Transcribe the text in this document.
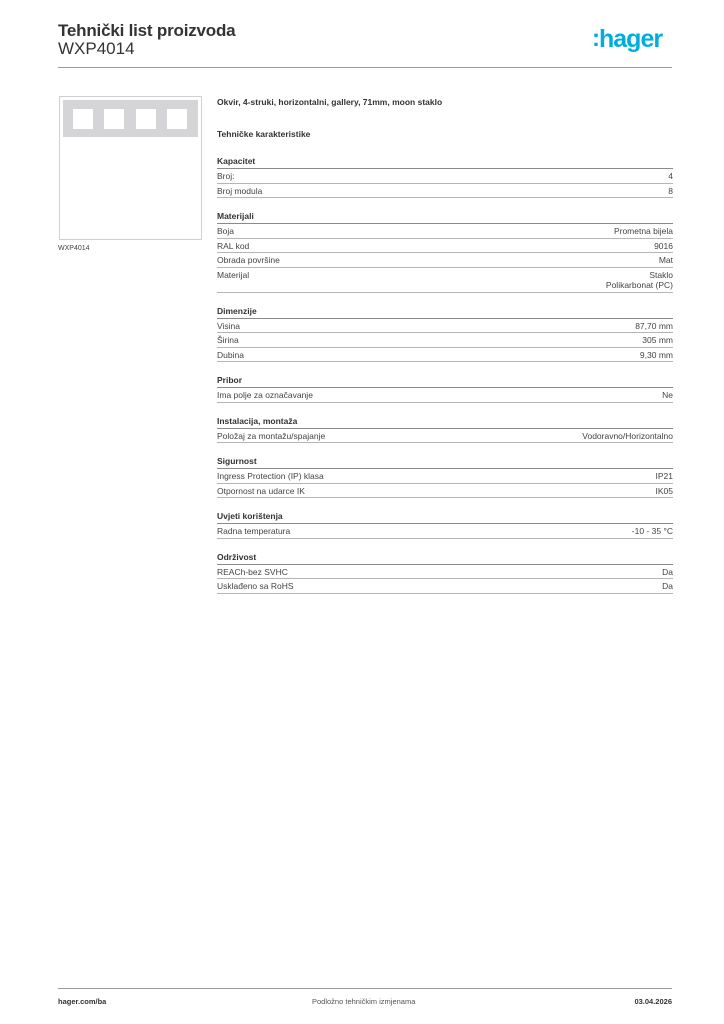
Tehnički list proizvoda
WXP4014	:hager
WXP4014
Okvir, 4-struki, horizontalni, gallery, 71mm, moon staklo
Tehničke karakteristike
Kapacitet
Broj:	4
Broj modula	8
Materijali
Boja	Prometna bijela
RAL kod	9016
Obrada površine	Mat
Materijal	Staklo
Polikarbonat (PC)
Dimenzije
Visina	87,70 mm
Širina	305 mm
Dubina	9,30 mm
Pribor
Ima polje za označavanje	Ne
Instalacija, montaža
Položaj za montažu/spajanje	Vodoravno/Horizontalno
Sigurnost
Ingress Protection (IP) klasa	IP21
Otpornost na udarce IK	IK05
Uvjeti korištenja
Radna temperatura	-10 - 35 °C
Održivost
REACh-bez SVHC	Da
Usklađeno sa RoHS	Da
hager.com/ba	Podložno tehničkim izmjenama	03.04.2026
